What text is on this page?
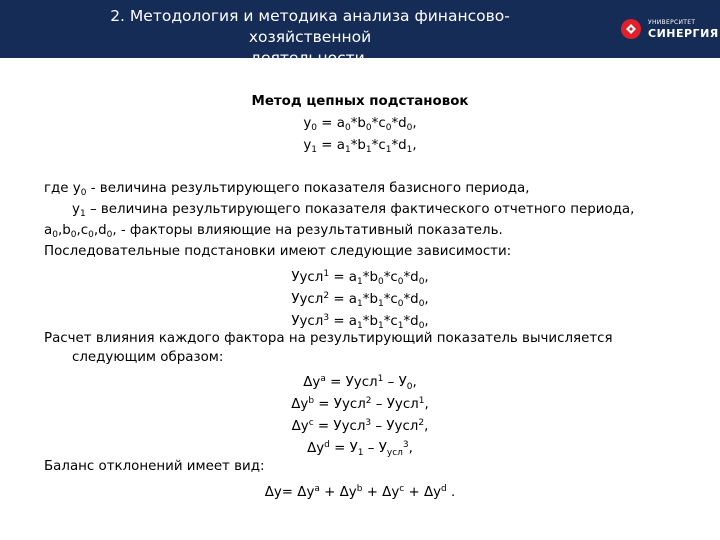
2. Методология и методика анализа финансово-хозяйственной
деятельности.
УНИВЕРСИТЕТ
СИНЕРГИЯ
Метод цепных подстановок
$y_0 = a_0*b_0*c_0*d_0$,
$y_1 = a_1*b_1*c_1*d_1$,
где $y_0$ - величина результирующего показателя базисного периода,
$y_1$ – величина результирующего показателя фактического отчетного периода,
$a_0,b_0,c_0,d_0$, - факторы влияющие на результативный показатель.
Последовательные подстановки имеют следующие зависимости:
Уусл$^1$ = $a_1*b_0*c_0*d_0$,
Уусл$^2$ = $a_1*b_1*c_0*d_0$,
Уусл$^3$ = $a_1*b_1*c_1*d_0$,
Расчет влияния каждого фактора на результирующий показатель вычисляется
следующим образом:
$\Delta y^a$ = Уусл$^1$ – $У_0$,
$\Delta y^b$ = Уусл$^2$ – Уусл$^1$,
$\Delta y^c$ = Уусл$^3$ – Уусл$^2$,
$\Delta y^d = У_1 - У_{усл}^3$,
Баланс отклонений имеет вид:
$\Delta y= \Delta y^a + \Delta y^b + \Delta y^c + \Delta y^d$ .
